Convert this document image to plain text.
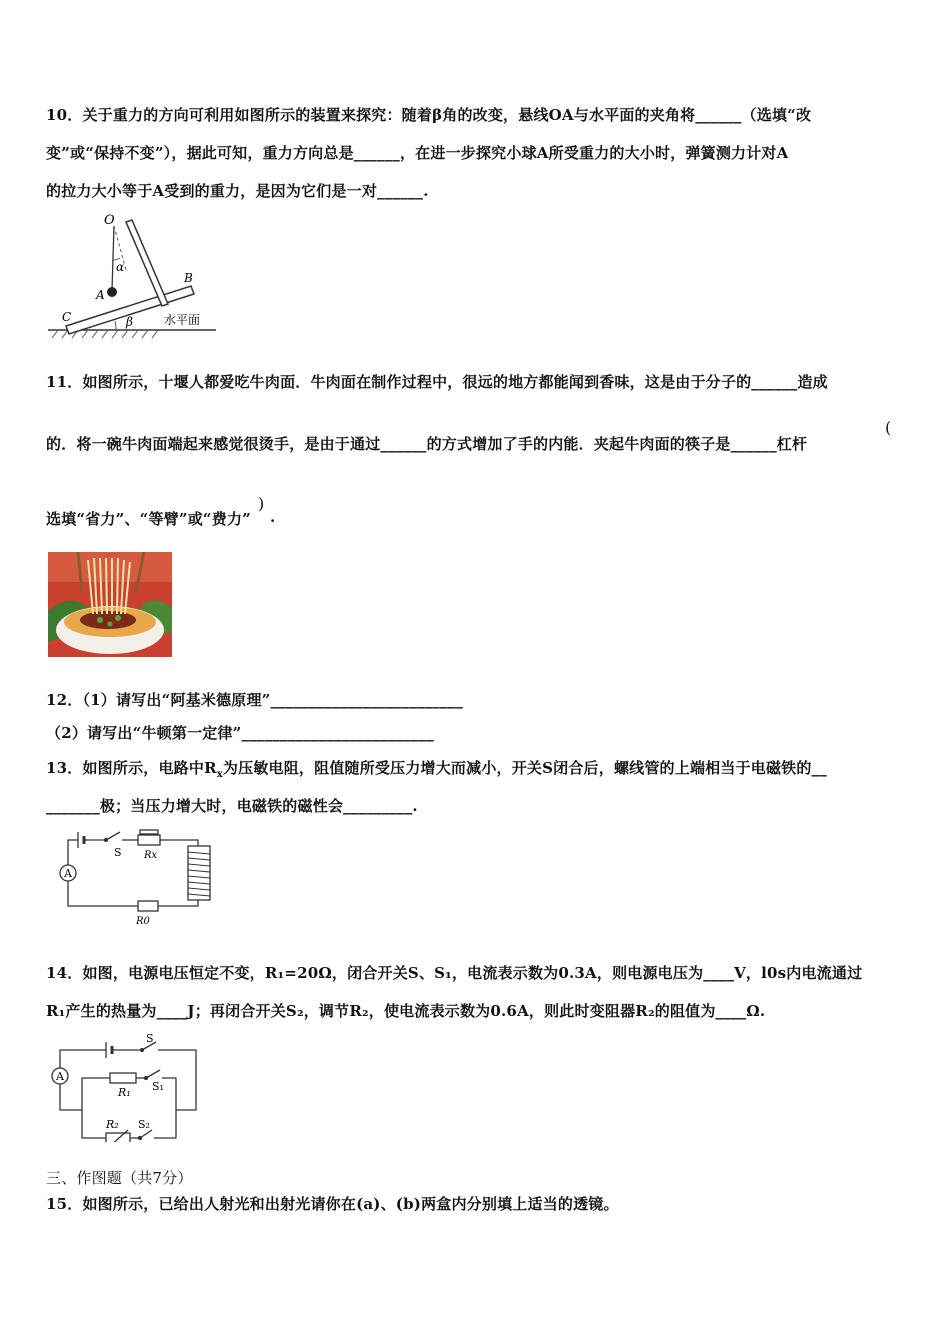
10．关于重力的方向可利用如图所示的装置来探究：随着β角的改变，悬线OA与水平面的夹角将______（选填“改
变”或“保持不变”），据此可知，重力方向总是______，在进一步探究小球A所受重力的大小时，弹簧测力计对A
的拉力大小等于A受到的重力，是因为它们是一对______.
O
A
B
C
α
β	水平面
11．如图所示，十堰人都爱吃牛肉面．牛肉面在制作过程中，很远的地方都能闻到香味，这是由于分子的______造成
的．将一碗牛肉面端起来感觉很烫手，是由于通过______的方式增加了手的内能．夹起牛肉面的筷子是______杠杆
(
选填“省力”、“等臂”或“费力”
)
.
12．（1）请写出“阿基米德原理”_________________________
（2）请写出“牛顿第一定律”_________________________
13．如图所示，电路中$R_x$为压敏电阻，阻值随所受压力增大而减小，开关S闭合后，螺线管的上端相当于电磁铁的__
_______极；当压力增大时，电磁铁的磁性会_________.
A
S Rx
R0
14．如图，电源电压恒定不变，R₁=20Ω，闭合开关S、S₁，电流表示数为0.3A，则电源电压为____V，l0s内电流通过
R₁产生的热量为____J；再闭合开关S₂，调节R₂，使电流表示数为0.6A，则此时变阻器R₂的阻值为____Ω.
A
S
S₁
S₂
R₁
R₂
三、作图题（共7分）
15．如图所示，已给出人射光和出射光请你在(a)、(b)两盒内分别填上适当的透镜。
